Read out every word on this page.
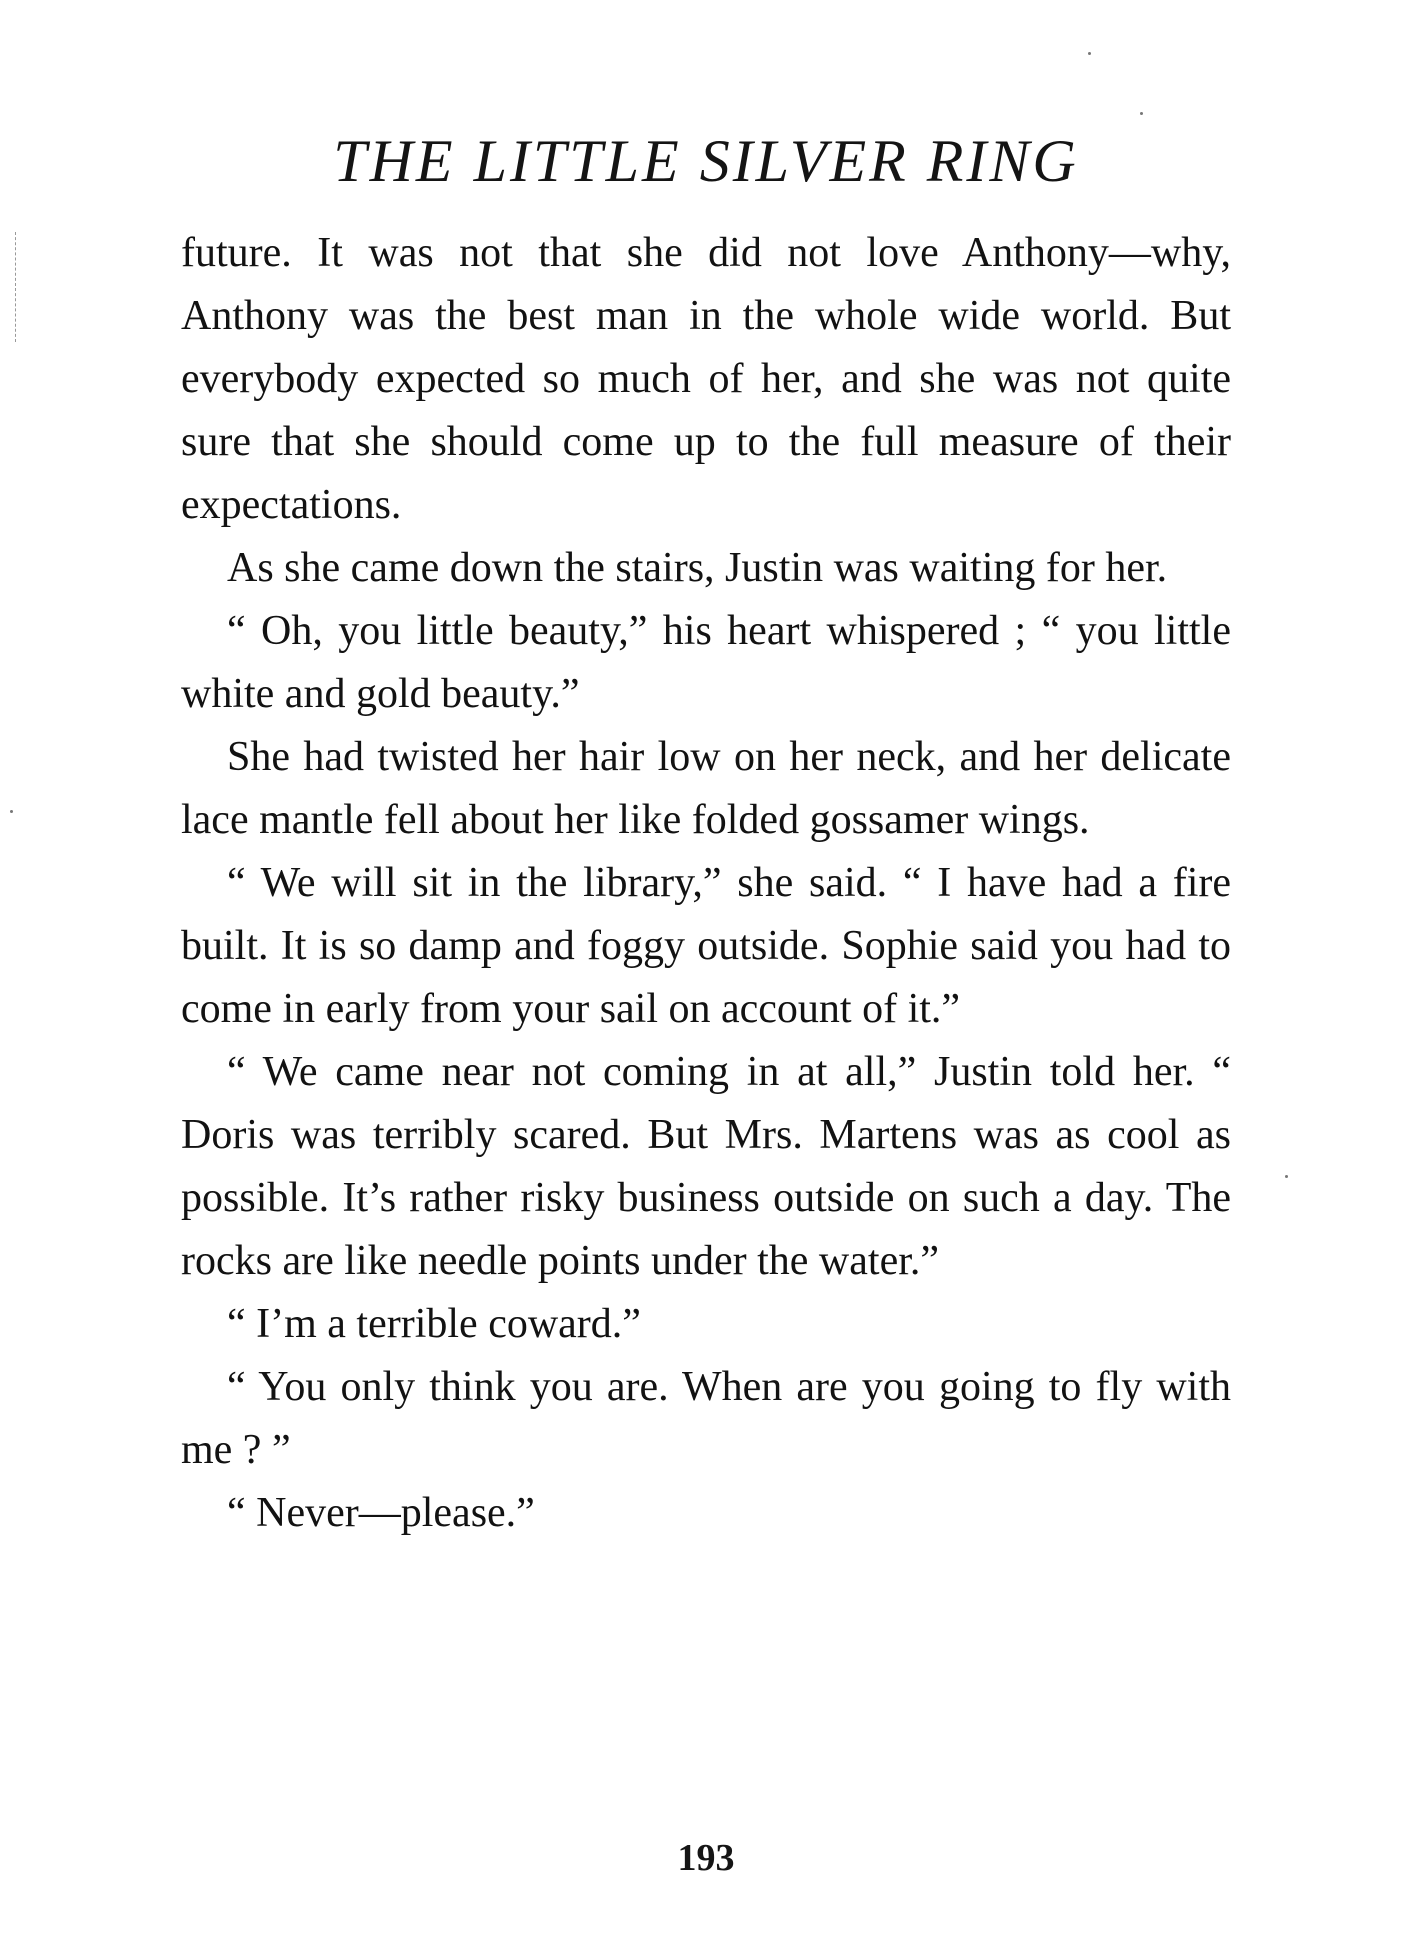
THE LITTLE SILVER RING

future. It was not that she did not love Anthony—why, Anthony was the best man in the whole wide world. But everybody expected so much of her, and she was not quite sure that she should come up to the full measure of their expectations.

As she came down the stairs, Justin was waiting for her.

“ Oh, you little beauty,” his heart whispered ; “ you little white and gold beauty.”

She had twisted her hair low on her neck, and her delicate lace mantle fell about her like folded gossamer wings.

“ We will sit in the library,” she said. “ I have had a fire built. It is so damp and foggy outside. Sophie said you had to come in early from your sail on account of it.”

“ We came near not coming in at all,” Justin told her. “ Doris was terribly scared. But Mrs. Martens was as cool as possible. It’s rather risky business outside on such a day. The rocks are like needle points under the water.”

“ I’m a terrible coward.”

“ You only think you are. When are you going to fly with me ? ”

“ Never—please.”

193
